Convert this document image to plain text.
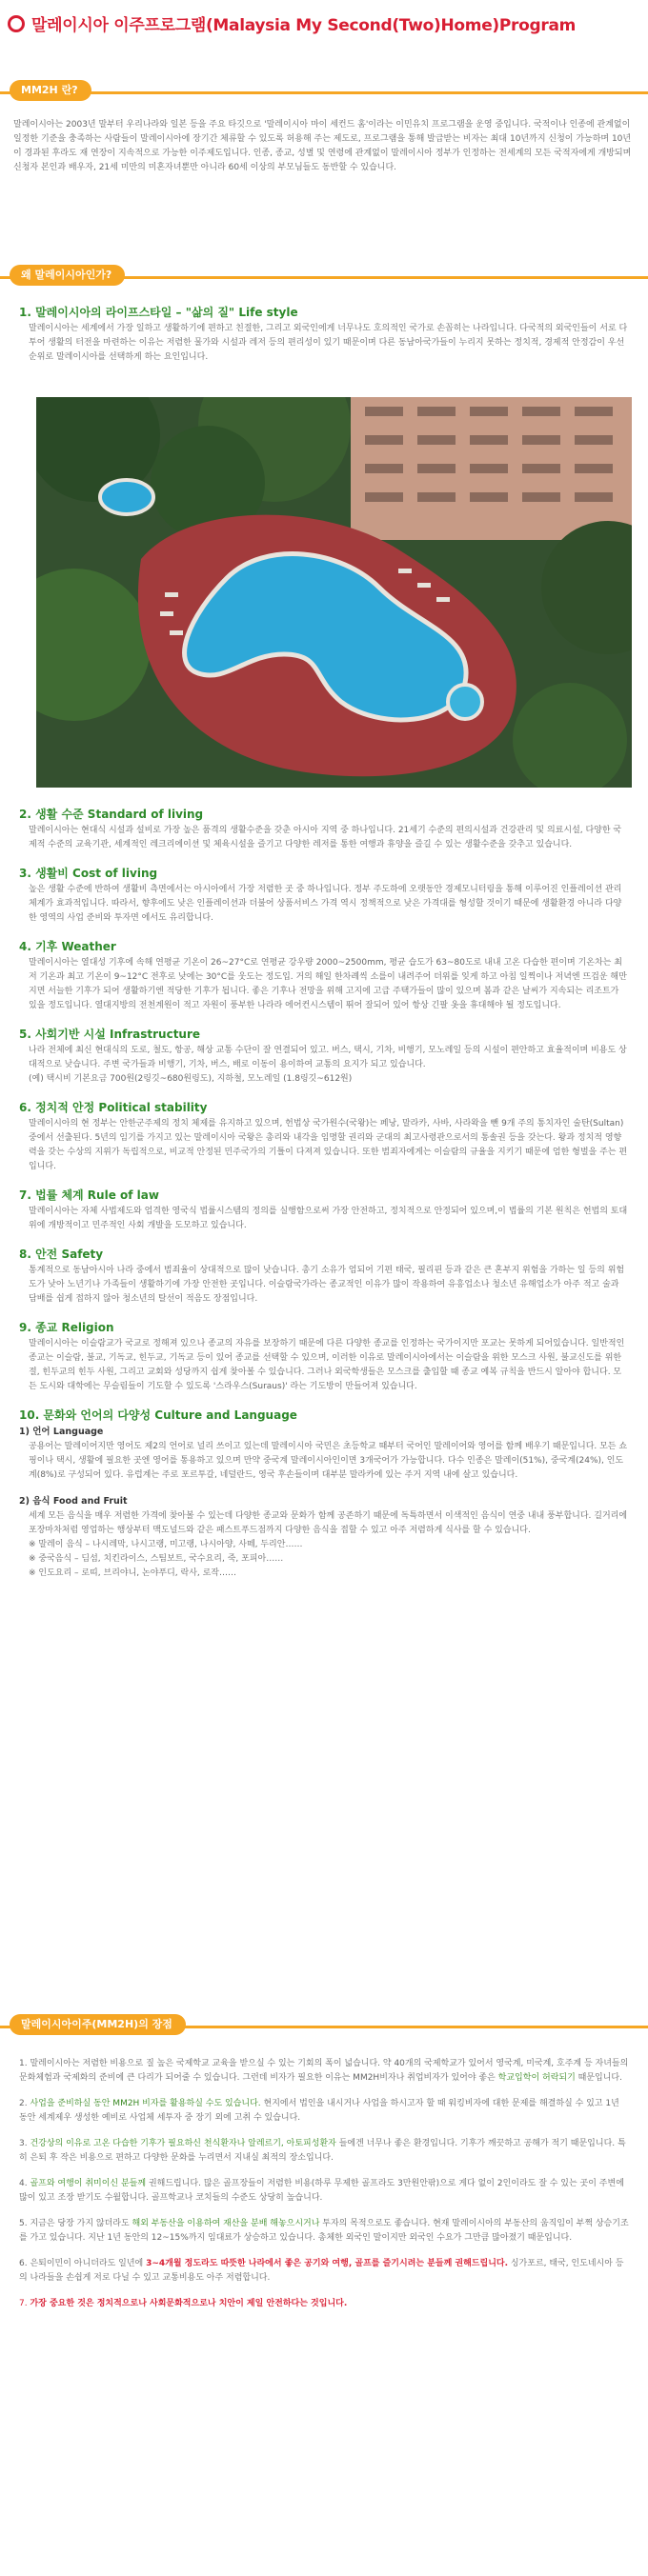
말레이시아 이주프로그램(Malaysia My Second(Two)Home)Program
MM2H 란?

말레이시아는 2003년 말부터 우리나라와 일본 등을 주요 타깃으로 '말레이시아 마이 세컨드 홈'이라는 이민유치 프로그램을 운영 중입니다. 국적이나 인종에 관계없이 일정한 기준을 충족하는 사람들이 말레이시아에 장기간 체류할 수 있도록 허용해 주는 제도로, 프로그램을 통해 발급받는 비자는 최대 10년까지 신청이 가능하며 10년이 경과된 후라도 재 연장이 지속적으로 가능한 이주제도입니다. 인종, 종교, 성별 및 연령에 관계없이 말레이시아 정부가 인정하는 전세계의 모든 국적자에게 개방되며 신청자 본인과 배우자, 21세 미만의 미혼자녀뿐만 아니라 60세 이상의 부모님들도 동반할 수 있습니다.

왜 말레이시아인가?

1. 말레이시아의 라이프스타일 – "삶의 질" Life style

말레이시아는 세계에서 가장 일하고 생활하기에 편하고 친절한, 그리고 외국인에게 너무나도 호의적인 국가로 손꼽히는 나라입니다. 다국적의 외국인들이 서로 다투어 생활의 터전을 마련하는 이유는 저렴한 물가와 시설과 레저 등의 편리성이 있기 때문이며 다른 동남아국가들이 누리지 못하는 정치적, 경제적 안정감이 우선순위로 말레이시아를 선택하게 하는 요인입니다.

2. 생활 수준 Standard of living

말레이시아는 현대식 시설과 설비로 가장 높은 품격의 생활수준을 갖춘 아시아 지역 중 하나입니다. 21세기 수준의 편의시설과 건강관리 및 의료시설, 다양한 국제적 수준의 교육기관, 세계적인 레크리에이션 및 체육시설을 즐기고 다양한 레저를 통한 여행과 휴양을 즐길 수 있는 생활수준을 갖추고 있습니다.

3. 생활비 Cost of living

높은 생활 수준에 반하여 생활비 측면에서는 아시아에서 가장 저렴한 곳 중 하나입니다. 정부 주도하에 오랫동안 경제모니터링을 통해 이루어진 인플레이션 관리체계가 효과적입니다. 따라서, 향후에도 낮은 인플레이션과 더불어 상품서비스 가격 역시 정책적으로 낮은 가격대를 형성할 것이기 때문에 생활환경 아니라 다양한 영역의 사업 준비와 투자면 에서도 유리합니다.

4. 기후 Weather

말레이시아는 열대성 기후에 속해 연평균 기온이 26~27°C로 연평균 강우량 2000~2500mm, 평균 습도가 63~80도로 내내 고온 다습한 편이며 기온차는 최저 기온과 최고 기온이 9~12°C 전후로 낮에는 30°C를 웃도는 정도입. 거의 해일 한차례씩 소를이 내려주어 더위를 잊게 하고 아침 일찍이나 저녁엔 뜨겁운 해만 지면 서늘한 기후가 되어 생활하기엔 적당한 기후가 됩니다. 좋은 기후나 전망을 위해 고지에 고급 주택가들이 많이 있으며 봄과 같은 날씨가 지속되는 리조트가 있을 정도입니다. 열대지방의 전천계원이 적고 자원이 풍부한 나라라 에어컨시스템이 뛰어 잘되어 있어 항상 긴팔 옷을 휴대해야 될 정도입니다.

5. 사회기반 시설 Infrastructure

나라 전체에 최신 현대식의 도로, 철도, 항공, 해상 교통 수단이 잘 연결되어 있고. 버스, 택시, 기차, 비행기, 모노레일 등의 시설이 편안하고 효율적이며 비용도 상대적으로 낮습니다. 주변 국가들과 비행기, 기차, 버스, 배로 이동이 용이하여 교통의 요지가 되고 있습니다.

(예) 택시비 기본요금 700원(2링깃~680원링도), 지하철, 모노레일 (1.8링깃~612원)

6. 정치적 안정 Political stability

말레이시아의 현 정부는 안한군주제의 정치 체제를 유지하고 있으며, 헌법상 국가원수(국왕)는 페낭, 말라카, 사바, 사라왁을 뺀 9개 주의 통치자인 술탄(Sultan)중에서 선출된다. 5년의 임기를 가지고 있는 말레이시아 국왕은 총리와 내각을 임명할 권리와 군대의 최고사령관으로서의 통솔권 등을 갖는다. 왕과 정치적 영향력을 갖는 수상의 지위가 독립적으로, 비교적 안정된 민주국가의 기틀이 다져져 있습니다. 또한 범죄자에게는 이슬람의 규율을 지키기 때문에 엄한 형벌을 주는 편입니다.

7. 법률 체계 Rule of law

말레이시아는 자체 사법제도와 엄격한 영국식 법률시스템의 정의를 실행함으로써 가장 안전하고, 정치적으로 안정되어 있으며,이 법률의 기본 원칙은 헌법의 토대 위에 개방적이고 민주적인 사회 개발을 도모하고 있습니다.

8. 안전 Safety

통계적으로 동남아시아 나라 중에서 범죄율이 상대적으로 많이 낮습니다. 총기 소유가 엄되어 기편 태국, 필리핀 등과 같은 큰 혼부지 위험을 가하는 일 등의 위험도가 낮아 노년기나 가족들이 생활하기에 가장 안전한 곳입니다. 이슬람국가라는 종교적인 이유가 많이 작용하여 유흥업소나 청소년 유해업소가 아주 적고 술과 담배를 쉽게 접하지 않아 청소년의 탈선이 적음도 장점입니다.

9. 종교 Religion

말레이시아는 이슬람교가 국교로 정해져 있으나 종교의 자유를 보장하기 때문에 다른 다양한 종교를 인정하는 국가이지만 포교는 못하게 되어있습니다. 일반적인 종교는 이슬람, 불교, 기독교, 힌두교, 기독교 등이 있어 종교를 선택할 수 있으며, 이러한 이유로 말레이시아에서는 이슬람을 위한 모스크 사원, 불교신도를 위한 절, 힌두교의 힌두 사원, 그리고 교회와 성당까지 쉽게 찾아볼 수 있습니다. 그러나 외국학생들은 모스크를 출입할 때 종교 예복 규칙을 반드시 알아야 합니다. 모든 도시와 대학에는 무슬림들이 기도할 수 있도록 '스라우스(Suraus)' 라는 기도방이 만들어져 있습니다.

10. 문화와 언어의 다양성 Culture and Language

1) 언어 Language

공용어는 말레이어지만 영어도 제2의 언어로 널리 쓰이고 있는데 말레이시아 국민은 초등학교 때부터 국어인 말레이어와 영어를 함께 배우기 때문입니다. 모든 쇼핑이나 택시, 생활에 필요한 곳엔 영어를 통용하고 있으며 만약 중국계 말레이시아인이면 3개국어가 가능합니다. 다수 인종은 말레이(51%), 중국계(24%), 인도계(8%)로 구성되어 있다. 유럽계는 주로 포르투갈, 네덜란드, 영국 후손들이며 대부분 말라카에 있는 주거 지역 내에 살고 있습니다.

2) 음식 Food and Fruit

세계 모든 음식을 매우 저렴한 가격에 찾아볼 수 있는데 다양한 종교와 문화가 함께 공존하기 때문에 독특하면서 이색적인 음식이 연중 내내 풍부합니다. 길거리에 포장마차처럼 영업하는 행상부터 맥도널드와 같은 패스트푸드점까지 다양한 음식을 접할 수 있고 아주 저렴하게 식사를 할 수 있습니다.

※ 말레이 음식 – 나시레막, 나시고랭, 미고랭, 나시아양, 사떼, 두리안……

※ 중국음식 – 딤섬, 치킨라이스, 스팀보트, 국수요리, 죽, 포피아……

※ 인도요리 – 로띠, 브리야니, 논야푸디, 락사, 로작……

말레이시아이주(MM2H)의 장점

1. 말레이시아는 저렴한 비용으로 질 높은 국제학교 교육을 받으실 수 있는 기회의 폭이 넓습니다. 약 40개의 국제학교가 있어서 영국계, 미국계, 호주계 등 자녀들의 문화체험과 국제화의 준비에 큰 다리가 되어줄 수 있습니다. 그런데 비자가 필요한 이유는 MM2H비자나 취업비자가 있어야 좋은 학교입학이 허락되기 때문입니다.

2. 사업을 준비하실 동안 MM2H 비자를 활용하실 수도 있습니다. 현지에서 법인을 내시거나 사업을 하시고자 할 때 워킹비자에 대한 문제를 해결하실 수 있고 1년 동안 세계제우 생성한 예비로 사업체 세투자 중 장기 외에 고취 수 있습니다.

3. 건강상의 이유로 고온 다습한 기후가 필요하신 천식환자나 알레르기, 아토피성환자 들에겐 너무나 좋은 환경입니다. 기후가 깨끗하고 공해가 적기 때문입니다. 특히 은퇴 후 작은 비용으로 편하고 다양한 문화를 누리면서 지내실 최적의 장소입니다.

4. 골프와 여행이 취미이신 분들께 권해드립니다. 많은 골프장들이 저렴한 비용(하루 무제한 골프라도 3만원안팎)으로 게다 없이 2인이라도 잘 수 있는 곳이 주변에 많이 있고 조장 받기도 수월합니다. 골프학교나 코치들의 수준도 상당히 높습니다.

5. 지금은 당장 가지 않더라도 해외 부동산을 이용하여 재산을 분배 해놓으시거나 투자의 목적으로도 좋습니다. 현재 말레이시아의 부동산의 움직임이 부쩍 상승기조를 가고 있습니다. 지난 1년 동안의 12~15%까지 임대료가 상승하고 있습니다. 총체한 외국인 말이지만 외국인 수요가 그만큼 많아졌기 때문입니다.

6. 은퇴이민이 아니더라도 일년에 3~4개월 정도라도 따뜻한 나라에서 좋은 공기와 여행, 골프를 즐기시려는 분들께 권해드립니다. 싱가포르, 태국, 인도네시아 등의 나라들을 손쉽게 저로 다닐 수 있고 교통비용도 아주 저렴합니다.

7. 가장 중요한 것은 정치적으로나 사회문화적으로나 치안이 제일 안전하다는 것입니다.
